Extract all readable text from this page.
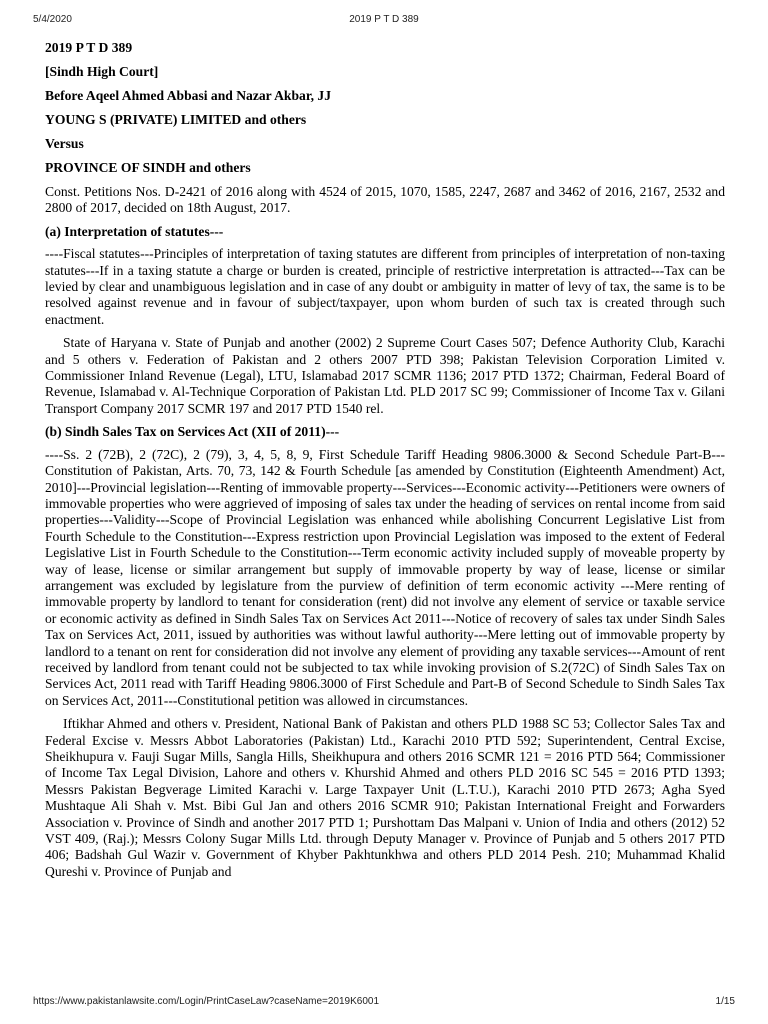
5/4/2020	2019 P T D 389

2019 P T D 389

[Sindh High Court]

Before Aqeel Ahmed Abbasi and Nazar Akbar, JJ

YOUNG S (PRIVATE) LIMITED and others

Versus

PROVINCE OF SINDH and others

Const. Petitions Nos. D-2421 of 2016 along with 4524 of 2015, 1070, 1585, 2247, 2687 and 3462 of 2016, 2167, 2532 and 2800 of 2017, decided on 18th August, 2017.

(a) Interpretation of statutes---

----Fiscal statutes---Principles of interpretation of taxing statutes are different from principles of interpretation of non-taxing statutes---If in a taxing statute a charge or burden is created, principle of restrictive interpretation is attracted---Tax can be levied by clear and unambiguous legislation and in case of any doubt or ambiguity in matter of levy of tax, the same is to be resolved against revenue and in favour of subject/taxpayer, upon whom burden of such tax is created through such enactment.

State of Haryana v. State of Punjab and another (2002) 2 Supreme Court Cases 507; Defence Authority Club, Karachi and 5 others v. Federation of Pakistan and 2 others 2007 PTD 398; Pakistan Television Corporation Limited v. Commissioner Inland Revenue (Legal), LTU, Islamabad 2017 SCMR 1136; 2017 PTD 1372; Chairman, Federal Board of Revenue, Islamabad v. Al-Technique Corporation of Pakistan Ltd. PLD 2017 SC 99; Commissioner of Income Tax v. Gilani Transport Company 2017 SCMR 197 and 2017 PTD 1540 rel.

(b) Sindh Sales Tax on Services Act (XII of 2011)---

----Ss. 2 (72B), 2 (72C), 2 (79), 3, 4, 5, 8, 9, First Schedule Tariff Heading 9806.3000 & Second Schedule Part-B---Constitution of Pakistan, Arts. 70, 73, 142 & Fourth Schedule [as amended by Constitution (Eighteenth Amendment) Act, 2010]---Provincial legislation---Renting of immovable property---Services---Economic activity---Petitioners were owners of immovable properties who were aggrieved of imposing of sales tax under the heading of services on rental income from said properties---Validity---Scope of Provincial Legislation was enhanced while abolishing Concurrent Legislative List from Fourth Schedule to the Constitution---Express restriction upon Provincial Legislation was imposed to the extent of Federal Legislative List in Fourth Schedule to the Constitution---Term economic activity included supply of moveable property by way of lease, license or similar arrangement but supply of immovable property by way of lease, license or similar arrangement was excluded by legislature from the purview of definition of term economic activity ---Mere renting of immovable property by landlord to tenant for consideration (rent) did not involve any element of service or taxable service or economic activity as defined in Sindh Sales Tax on Services Act 2011---Notice of recovery of sales tax under Sindh Sales Tax on Services Act, 2011, issued by authorities was without lawful authority---Mere letting out of immovable property by landlord to a tenant on rent for consideration did not involve any element of providing any taxable services---Amount of rent received by landlord from tenant could not be subjected to tax while invoking provision of S.2(72C) of Sindh Sales Tax on Services Act, 2011 read with Tariff Heading 9806.3000 of First Schedule and Part-B of Second Schedule to Sindh Sales Tax on Services Act, 2011---Constitutional petition was allowed in circumstances.

Iftikhar Ahmed and others v. President, National Bank of Pakistan and others PLD 1988 SC 53; Collector Sales Tax and Federal Excise v. Messrs Abbot Laboratories (Pakistan) Ltd., Karachi 2010 PTD 592; Superintendent, Central Excise, Sheikhupura v. Fauji Sugar Mills, Sangla Hills, Sheikhupura and others 2016 SCMR 121 = 2016 PTD 564; Commissioner of Income Tax Legal Division, Lahore and others v. Khurshid Ahmed and others PLD 2016 SC 545 = 2016 PTD 1393; Messrs Pakistan Begverage Limited Karachi v. Large Taxpayer Unit (L.T.U.), Karachi 2010 PTD 2673; Agha Syed Mushtaque Ali Shah v. Mst. Bibi Gul Jan and others 2016 SCMR 910; Pakistan International Freight and Forwarders Association v. Province of Sindh and another 2017 PTD 1; Purshottam Das Malpani v. Union of India and others (2012) 52 VST 409, (Raj.); Messrs Colony Sugar Mills Ltd. through Deputy Manager v. Province of Punjab and 5 others 2017 PTD 406; Badshah Gul Wazir v. Government of Khyber Pakhtunkhwa and others PLD 2014 Pesh. 210; Muhammad Khalid Qureshi v. Province of Punjab and

https://www.pakistanlawsite.com/Login/PrintCaseLaw?caseName=2019K6001	1/15
